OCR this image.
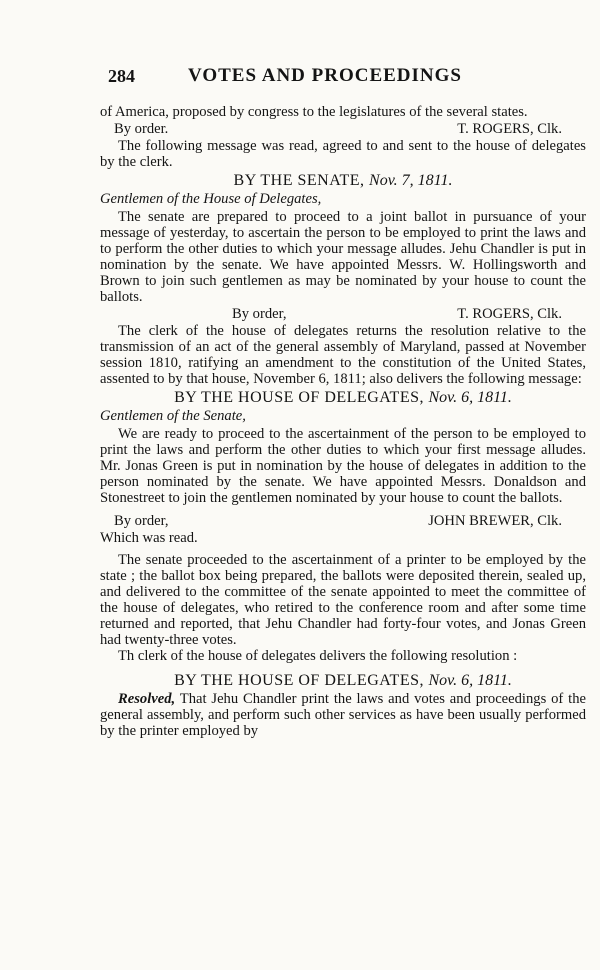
284	VOTES AND PROCEEDINGS

of America, proposed by congress to the legislatures of the several states.

By order.	T. ROGERS, Clk.

The following message was read, agreed to and sent to the house of delegates by the clerk.

BY THE SENATE, Nov. 7, 1811.
Gentlemen of the House of Delegates,

The senate are prepared to proceed to a joint ballot in pursuance of your message of yesterday, to ascertain the person to be employed to print the laws and to perform the other duties to which your message alludes. Jehu Chandler is put in nomination by the senate. We have appointed Messrs. W. Hollingsworth and Brown to join such gentlemen as may be nominated by your house to count the ballots.

By order,	T. ROGERS, Clk.

The clerk of the house of delegates returns the resolution relative to the transmission of an act of the general assembly of Maryland, passed at November session 1810, ratifying an amendment to the constitution of the United States, assented to by that house, November 6, 1811; also delivers the following message:

BY THE HOUSE OF DELEGATES, Nov. 6, 1811.
Gentlemen of the Senate,

We are ready to proceed to the ascertainment of the person to be employed to print the laws and perform the other duties to which your first message alludes. Mr. Jonas Green is put in nomination by the house of delegates in addition to the person nominated by the senate. We have appointed Messrs. Donaldson and Stonestreet to join the gentlemen nominated by your house to count the ballots.

By order,	JOHN BREWER, Clk.

Which was read.

The senate proceeded to the ascertainment of a printer to be employed by the state ; the ballot box being prepared, the ballots were deposited therein, sealed up, and delivered to the committee of the senate appointed to meet the committee of the house of delegates, who retired to the conference room and after some time returned and reported, that Jehu Chandler had forty-four votes, and Jonas Green had twenty-three votes.

Th clerk of the house of delegates delivers the following resolution :

BY THE HOUSE OF DELEGATES, Nov. 6, 1811.

Resolved, That Jehu Chandler print the laws and votes and proceedings of the general assembly, and perform such other services as have been usually performed by the printer employed by
